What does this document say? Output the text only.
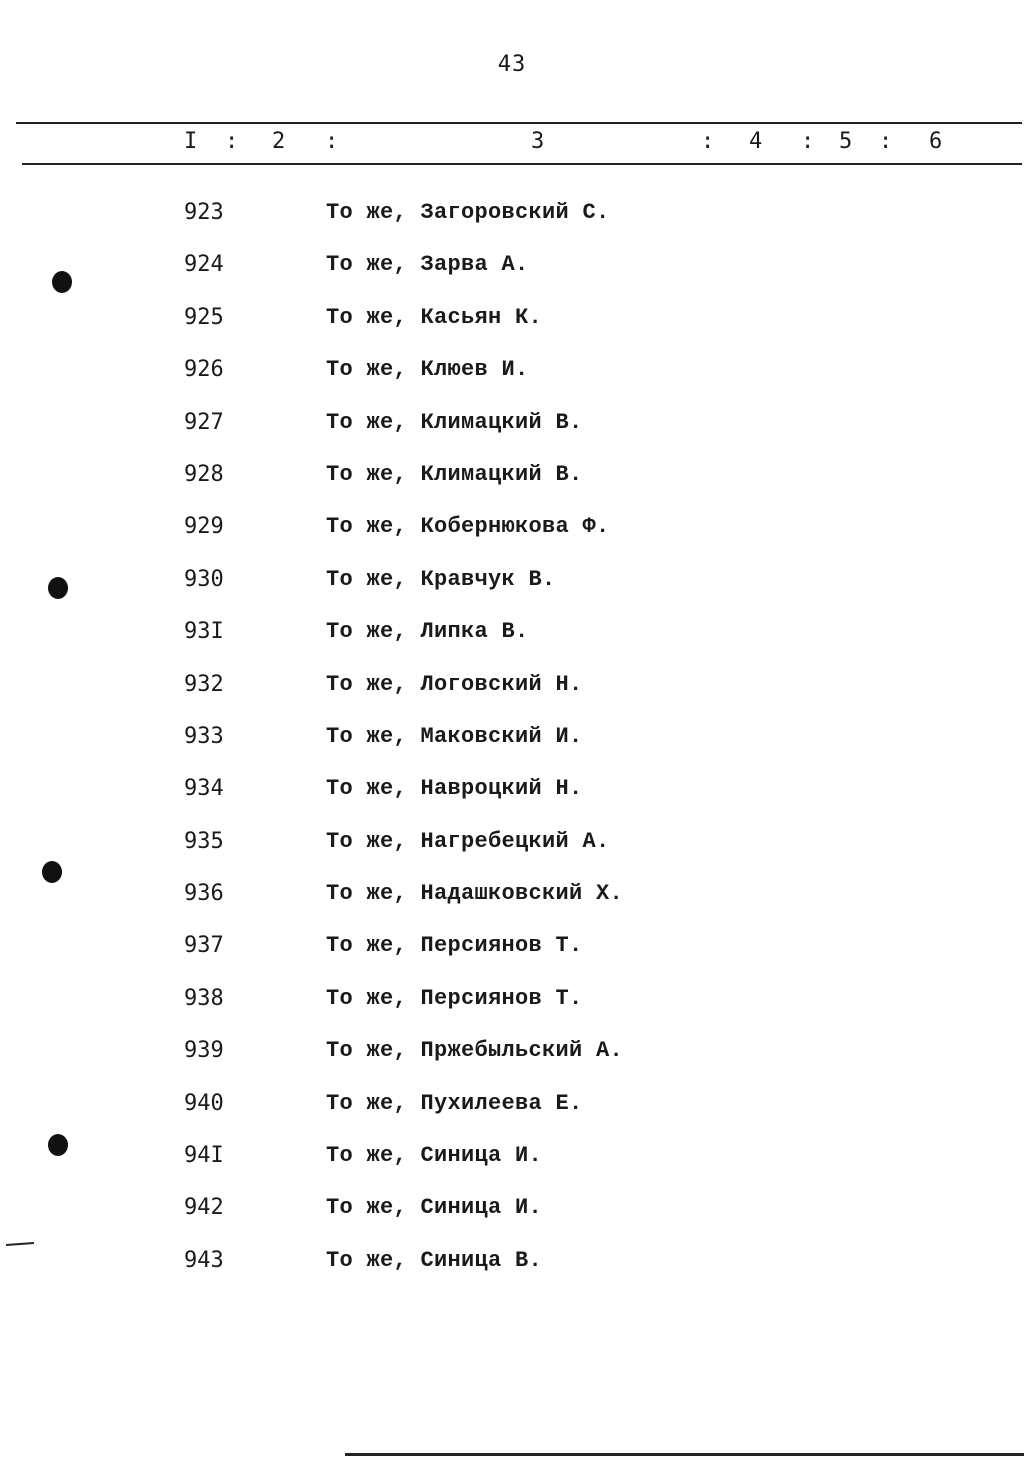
43
I : 2 :	3	: 4 : 5 : 6
923	То же, Загоровский С.
924	То же, Зарва А.
925	То же, Касьян К.
926	То же, Клюев И.
927	То же, Климацкий В.
928	То же, Климацкий В.
929	То же, Кобернюкова Ф.
930	То же, Кравчук В.
93I	То же, Липка В.
932	То же, Логовский Н.
933	То же, Маковский И.
934	То же, Навроцкий Н.
935	То же, Нагребецкий А.
936	То же, Надашковский Х.
937	То же, Персиянов Т.
938	То же, Персиянов Т.
939	То же, Пржебыльский А.
940	То же, Пухилеева Е.
94I	То же, Синица И.
942	То же, Синица И.
943	То же, Синица В.
